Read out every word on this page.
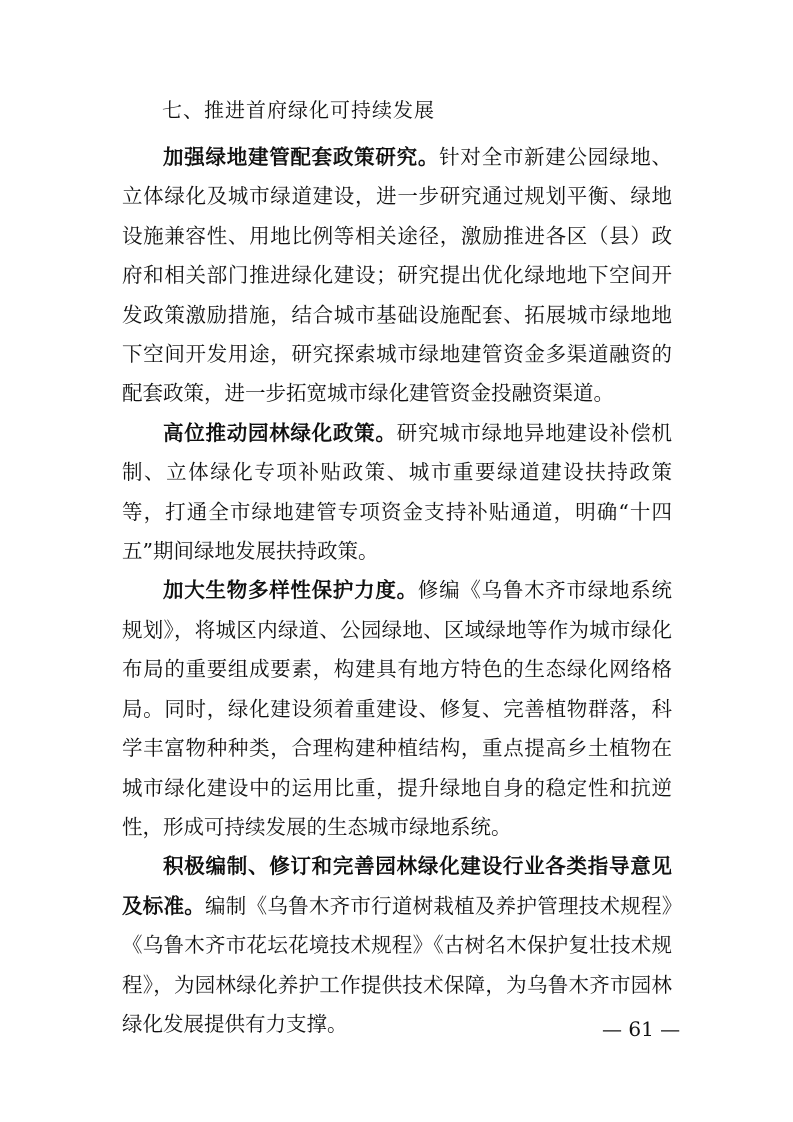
七、推进首府绿化可持续发展

加强绿地建管配套政策研究。针对全市新建公园绿地、立体绿化及城市绿道建设，进一步研究通过规划平衡、绿地设施兼容性、用地比例等相关途径，激励推进各区（县）政府和相关部门推进绿化建设；研究提出优化绿地地下空间开发政策激励措施，结合城市基础设施配套、拓展城市绿地地下空间开发用途，研究探索城市绿地建管资金多渠道融资的配套政策，进一步拓宽城市绿化建管资金投融资渠道。

高位推动园林绿化政策。研究城市绿地异地建设补偿机制、立体绿化专项补贴政策、城市重要绿道建设扶持政策等，打通全市绿地建管专项资金支持补贴通道，明确“十四五”期间绿地发展扶持政策。

加大生物多样性保护力度。修编《乌鲁木齐市绿地系统规划》，将城区内绿道、公园绿地、区域绿地等作为城市绿化布局的重要组成要素，构建具有地方特色的生态绿化网络格局。同时，绿化建设须着重建设、修复、完善植物群落，科学丰富物种种类，合理构建种植结构，重点提高乡土植物在城市绿化建设中的运用比重，提升绿地自身的稳定性和抗逆性，形成可持续发展的生态城市绿地系统。

积极编制、修订和完善园林绿化建设行业各类指导意见及标准。编制《乌鲁木齐市行道树栽植及养护管理技术规程》《乌鲁木齐市花坛花境技术规程》《古树名木保护复壮技术规程》，为园林绿化养护工作提供技术保障，为乌鲁木齐市园林绿化发展提供有力支撑。	— 61 —
